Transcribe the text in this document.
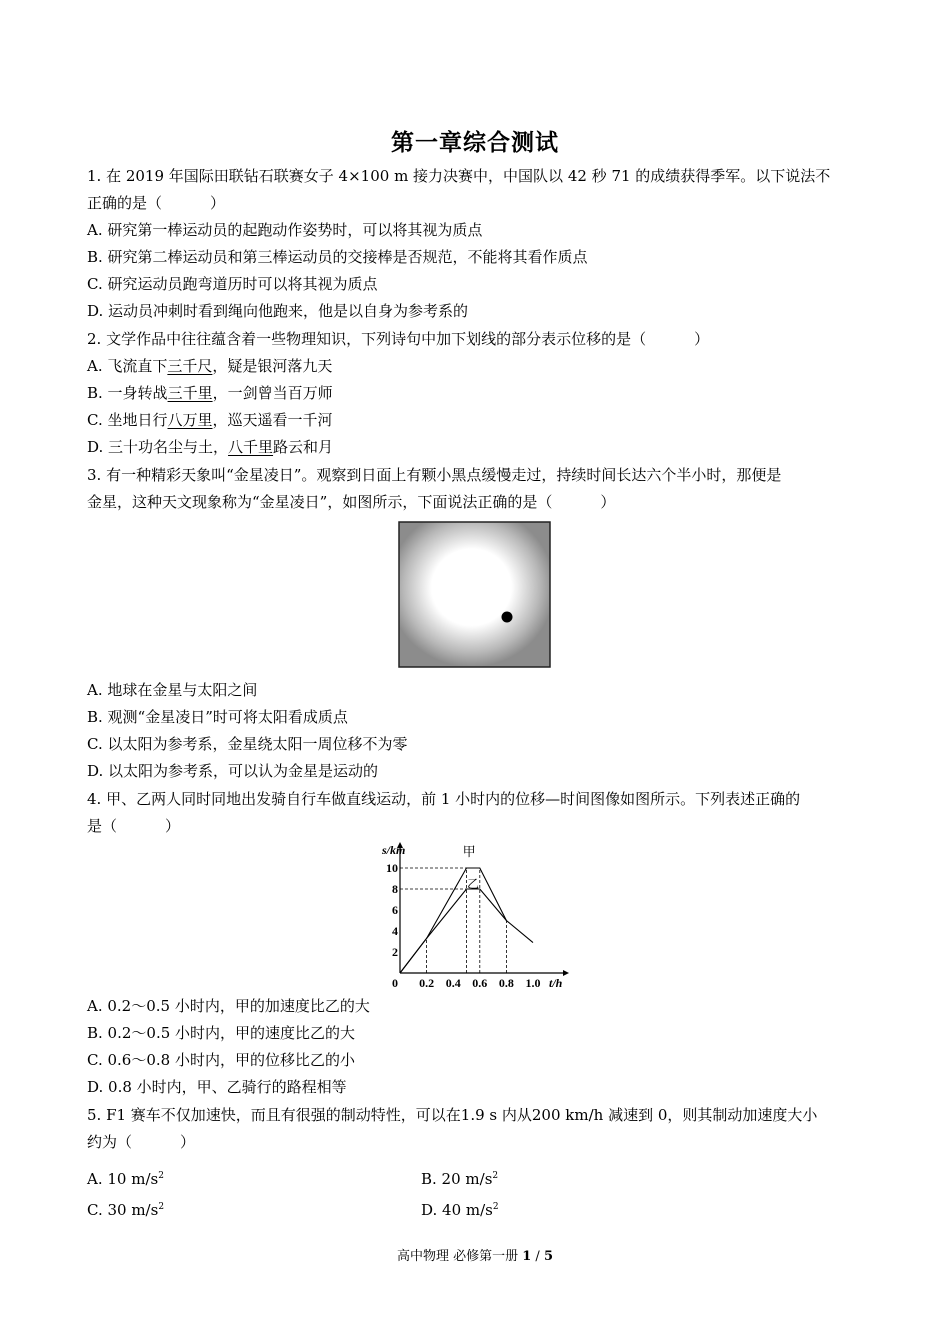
第一章综合测试
1. 在 2019 年国际田联钻石联赛女子 4×100 m 接力决赛中，中国队以 42 秒 71 的成绩获得季军。以下说法不
正确的是（	）
A. 研究第一棒运动员的起跑动作姿势时，可以将其视为质点
B. 研究第二棒运动员和第三棒运动员的交接棒是否规范，不能将其看作质点
C. 研究运动员跑弯道历时可以将其视为质点
D. 运动员冲刺时看到绳向他跑来，他是以自身为参考系的
2. 文学作品中往往蕴含着一些物理知识，下列诗句中加下划线的部分表示位移的是（	）
A. 飞流直下三千尺，疑是银河落九天
B. 一身转战三千里，一剑曾当百万师
C. 坐地日行八万里，巡天遥看一千河
D. 三十功名尘与土，八千里路云和月
3. 有一种精彩天象叫“金星凌日”。观察到日面上有颗小黑点缓慢走过，持续时间长达六个半小时，那便是
金星，这种天文现象称为“金星凌日”，如图所示，下面说法正确的是（	）
A. 地球在金星与太阳之间
B. 观测“金星凌日”时可将太阳看成质点
C. 以太阳为参考系，金星绕太阳一周位移不为零
D. 以太阳为参考系，可以认为金星是运动的
4. 甲、乙两人同时同地出发骑自行车做直线运动，前 1 小时内的位移—时间图像如图所示。下列表述正确的
是（	）
0 0.2 0.4 0.6 0.8 1.0
2
4
6
8
10
s/km
t/h
甲
乙
A. 0.2～0.5 小时内，甲的加速度比乙的大
B. 0.2～0.5 小时内，甲的速度比乙的大
C. 0.6～0.8 小时内，甲的位移比乙的小
D. 0.8 小时内，甲、乙骑行的路程相等
5. F1 赛车不仅加速快，而且有很强的制动特性，可以在1.9 s 内从200 km/h 减速到 0，则其制动加速度大小
约为（	）
A. 10 $m/s^2$	B. 20 $m/s^2$
C. 30 $m/s^2$	D. 40 $m/s^2$
高中物理 必修第一册 1 / 5
